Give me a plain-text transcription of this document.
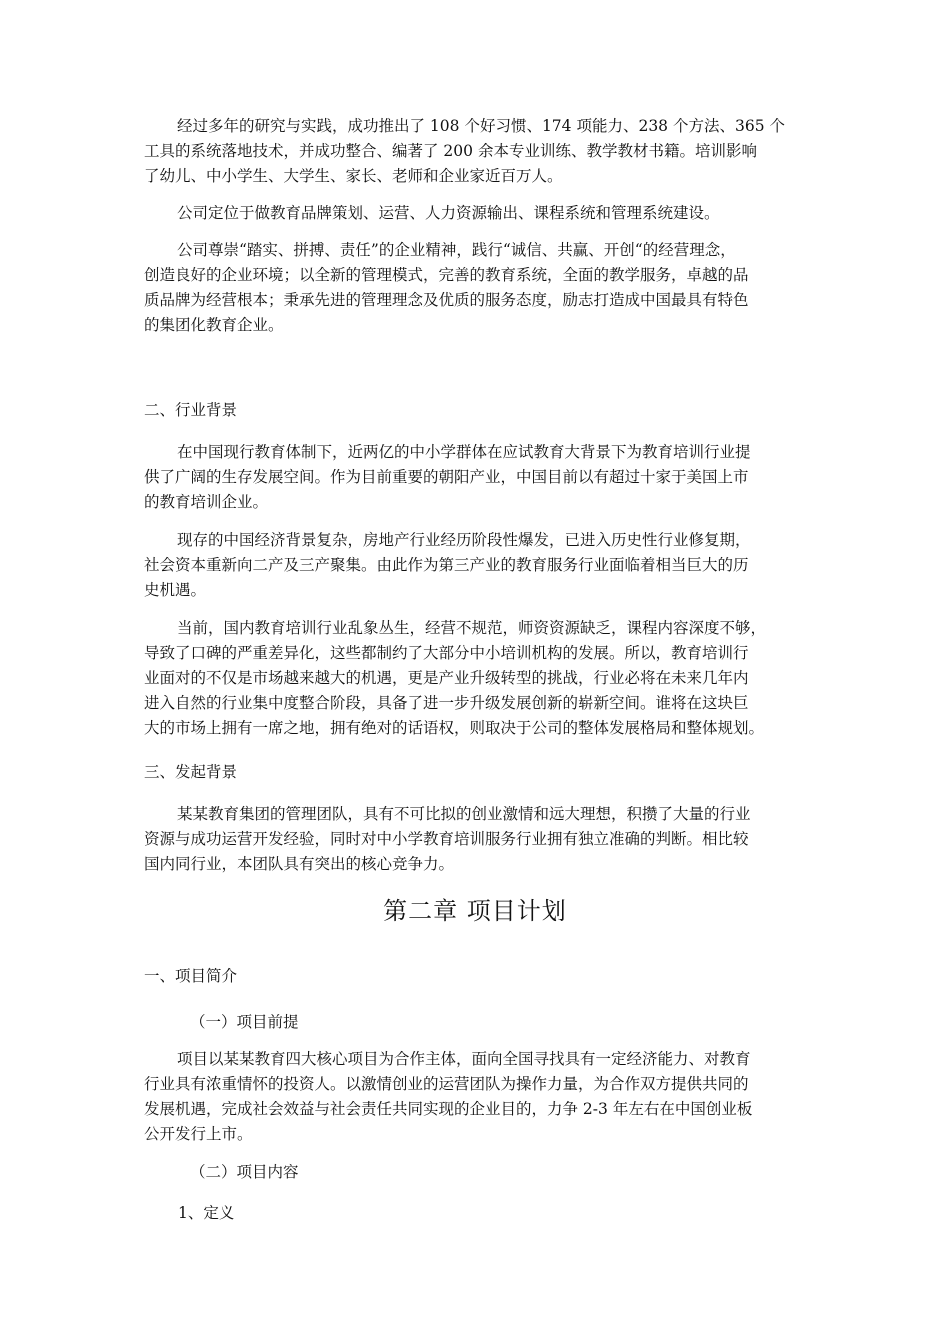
经过多年的研究与实践，成功推出了 108 个好习惯、174 项能力、238 个方法、365 个
工具的系统落地技术，并成功整合、编著了 200 余本专业训练、教学教材书籍。培训影响
了幼儿、中小学生、大学生、家长、老师和企业家近百万人。
公司定位于做教育品牌策划、运营、人力资源输出、课程系统和管理系统建设。
公司尊崇“踏实、拼搏、责任”的企业精神，践行“诚信、共赢、开创“的经营理念，
创造良好的企业环境；以全新的管理模式，完善的教育系统，全面的教学服务，卓越的品
质品牌为经营根本；秉承先进的管理理念及优质的服务态度，励志打造成中国最具有特色
的集团化教育企业。
二、行业背景
在中国现行教育体制下，近两亿的中小学群体在应试教育大背景下为教育培训行业提
供了广阔的生存发展空间。作为目前重要的朝阳产业，中国目前以有超过十家于美国上市
的教育培训企业。
现存的中国经济背景复杂，房地产行业经历阶段性爆发，已进入历史性行业修复期，
社会资本重新向二产及三产聚集。由此作为第三产业的教育服务行业面临着相当巨大的历
史机遇。
当前，国内教育培训行业乱象丛生，经营不规范，师资资源缺乏，课程内容深度不够，
导致了口碑的严重差异化，这些都制约了大部分中小培训机构的发展。所以，教育培训行
业面对的不仅是市场越来越大的机遇，更是产业升级转型的挑战，行业必将在未来几年内
进入自然的行业集中度整合阶段，具备了进一步升级发展创新的崭新空间。谁将在这块巨
大的市场上拥有一席之地，拥有绝对的话语权，则取决于公司的整体发展格局和整体规划。
三、发起背景
某某教育集团的管理团队，具有不可比拟的创业激情和远大理想，积攒了大量的行业
资源与成功运营开发经验，同时对中小学教育培训服务行业拥有独立准确的判断。相比较
国内同行业，本团队具有突出的核心竞争力。
第二章 项目计划
一、项目简介
（一）项目前提
项目以某某教育四大核心项目为合作主体，面向全国寻找具有一定经济能力、对教育
行业具有浓重情怀的投资人。以激情创业的运营团队为操作力量，为合作双方提供共同的
发展机遇，完成社会效益与社会责任共同实现的企业目的，力争 2-3 年左右在中国创业板
公开发行上市。
（二）项目内容
1、定义
